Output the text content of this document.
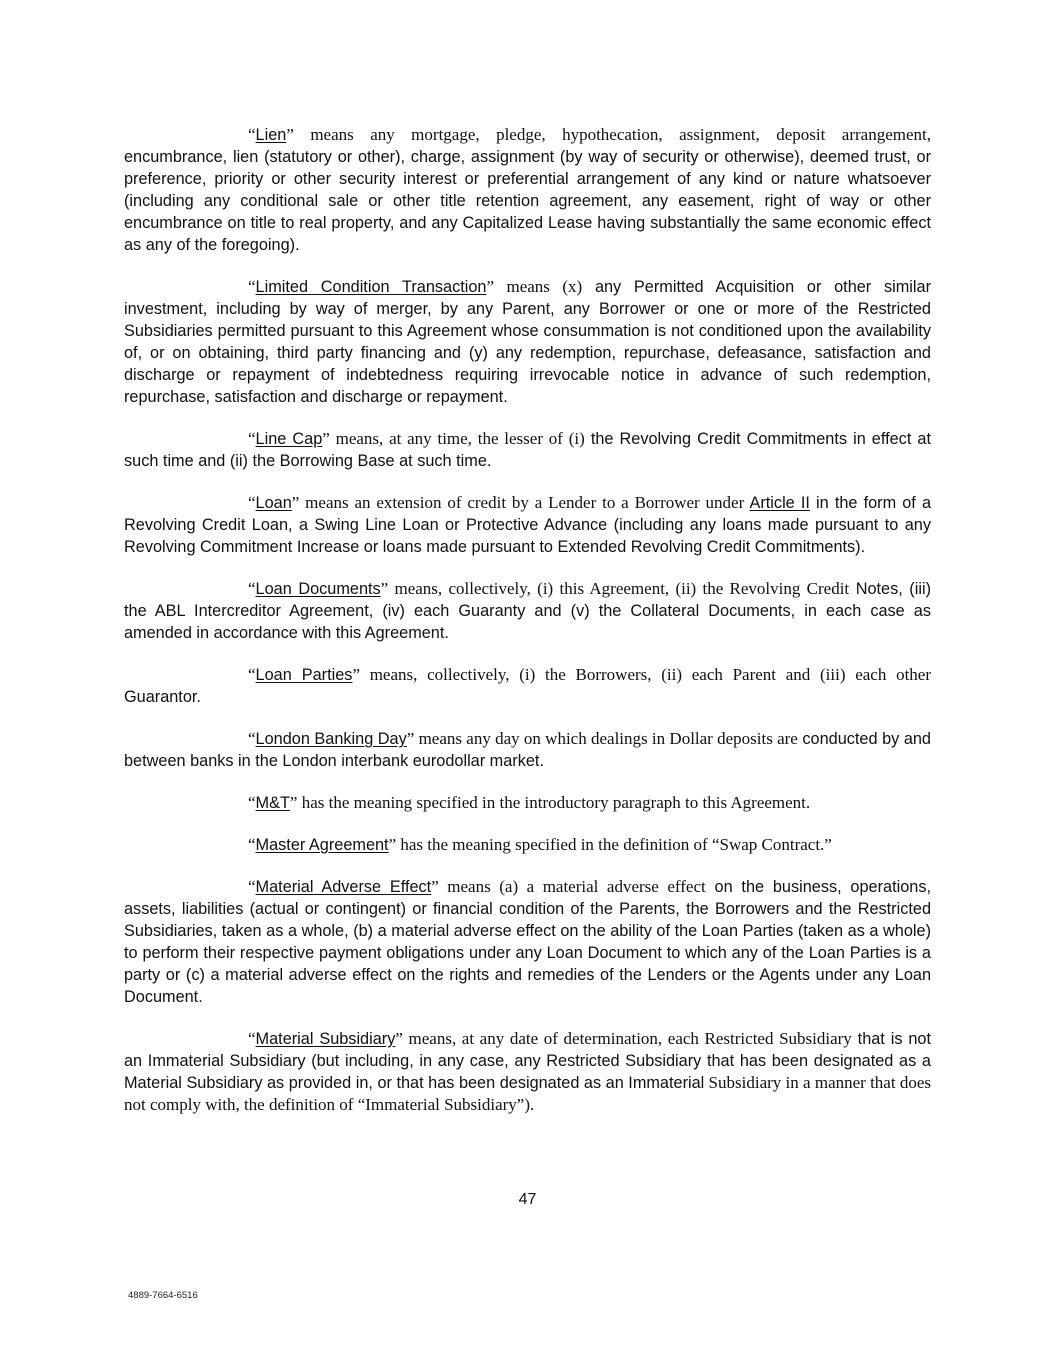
“Lien” means any mortgage, pledge, hypothecation, assignment, deposit arrangement, encumbrance, lien (statutory or other), charge, assignment (by way of security or otherwise), deemed trust, or preference, priority or other security interest or preferential arrangement of any kind or nature whatsoever (including any conditional sale or other title retention agreement, any easement, right of way or other encumbrance on title to real property, and any Capitalized Lease having substantially the same economic effect as any of the foregoing).

“Limited Condition Transaction” means (x) any Permitted Acquisition or other similar investment, including by way of merger, by any Parent, any Borrower or one or more of the Restricted Subsidiaries permitted pursuant to this Agreement whose consummation is not conditioned upon the availability of, or on obtaining, third party financing and (y) any redemption, repurchase, defeasance, satisfaction and discharge or repayment of indebtedness requiring irrevocable notice in advance of such redemption, repurchase, satisfaction and discharge or repayment.

“Line Cap” means, at any time, the lesser of (i) the Revolving Credit Commitments in effect at such time and (ii) the Borrowing Base at such time.

“Loan” means an extension of credit by a Lender to a Borrower under Article II in the form of a Revolving Credit Loan, a Swing Line Loan or Protective Advance (including any loans made pursuant to any Revolving Commitment Increase or loans made pursuant to Extended Revolving Credit Commitments).

“Loan Documents” means, collectively, (i) this Agreement, (ii) the Revolving Credit Notes, (iii) the ABL Intercreditor Agreement, (iv) each Guaranty and (v) the Collateral Documents, in each case as amended in accordance with this Agreement.

“Loan Parties” means, collectively, (i) the Borrowers, (ii) each Parent and (iii) each other Guarantor.

“London Banking Day” means any day on which dealings in Dollar deposits are conducted by and between banks in the London interbank eurodollar market.

“M&T” has the meaning specified in the introductory paragraph to this Agreement.

“Master Agreement” has the meaning specified in the definition of “Swap Contract.”

“Material Adverse Effect” means (a) a material adverse effect on the business, operations, assets, liabilities (actual or contingent) or financial condition of the Parents, the Borrowers and the Restricted Subsidiaries, taken as a whole, (b) a material adverse effect on the ability of the Loan Parties (taken as a whole) to perform their respective payment obligations under any Loan Document to which any of the Loan Parties is a party or (c) a material adverse effect on the rights and remedies of the Lenders or the Agents under any Loan Document.

“Material Subsidiary” means, at any date of determination, each Restricted Subsidiary that is not an Immaterial Subsidiary (but including, in any case, any Restricted Subsidiary that has been designated as a Material Subsidiary as provided in, or that has been designated as an Immaterial Subsidiary in a manner that does not comply with, the definition of “Immaterial Subsidiary”).

47
4889-7664-6516
